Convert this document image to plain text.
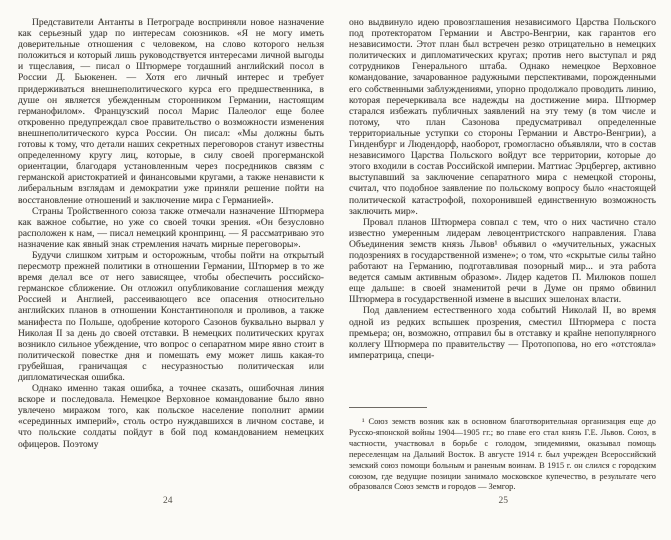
Представители Антанты в Петрограде восприняли новое назначение как серьезный удар по интересам союзников. «Я не могу иметь доверительные отношения с человеком, на слово которого нельзя положиться и который лишь руководствуется интересами личной выгоды и тщеславия, — писал о Штюрмере тогдашний английский посол в России Д. Бьюкенен. — Хотя его личный интерес и требует придерживаться внешнеполитического курса его предшественника, в душе он является убежденным сторонником Германии, настоящим германофилом». Французский посол Марис Палеолог еще более откровенно предупреждал свое правительство о возможности изменения внешнеполитического курса России. Он писал: «Мы должны быть готовы к тому, что детали наших секретных переговоров станут известны определенному кругу лиц, которые, в силу своей прогерманской ориентации, благодаря установленным через посредников связям с германской аристократией и финансовыми кругами, а также ненависти к либеральным взглядам и демократии уже приняли решение пойти на восстановление отношений и заключение мира с Германией».

Страны Тройственного союза также отмечали назначение Штюрмера как важное событие, но уже со своей точки зрения. «Он безусловно расположен к нам, — писал немецкий кронпринц. — Я рассматриваю это назначение как явный знак стремления начать мирные переговоры».

Будучи слишком хитрым и осторожным, чтобы пойти на открытый пересмотр прежней политики в отношении Германии, Штюрмер в то же время делал все от него зависящее, чтобы обеспечить российско-германское сближение. Он отложил опубликование соглашения между Россией и Англией, рассеивающего все опасения относительно английских планов в отношении Константинополя и проливов, а также манифеста по Польше, одобрение которого Сазонов буквально вырвал у Николая II за день до своей отставки. В немецких политических кругах возникло сильное убеждение, что вопрос о сепаратном мире явно стоит в политической повестке дня и помешать ему может лишь какая-то грубейшая, граничащая с несуразностью политическая или дипломатическая ошибка.

Однако именно такая ошибка, а точнее сказать, ошибочная линия вскоре и последовала. Немецкое Верховное командование было явно увлечено миражом того, как польское население пополнит армии «серединных империй», столь остро нуждавшихся в личном составе, и что польские солдаты пойдут в бой под командованием немецких офицеров. Поэтому

24

оно выдвинуло идею провозглашения независимого Царства Польского под протекторатом Германии и Австро-Венгрии, как гарантов его независимости. Этот план был встречен резко отрицательно в немецких политических и дипломатических кругах; против него выступал и ряд сотрудников Генерального штаба. Однако немецкое Верховное командование, зачарованное радужными перспективами, порожденными его собственными заблуждениями, упорно продолжало проводить линию, которая перечеркивала все надежды на достижение мира. Штюрмер старался избежать публичных заявлений на эту тему (в том числе и потому, что план Сазонова предусматривал определенные территориальные уступки со стороны Германии и Австро-Венгрии), а Гинденбург и Людендорф, наоборот, громогласно объявляли, что в состав независимого Царства Польского войдут все территории, которые до этого входили в состав Российской империи. Маттиас Эрцбергер, активно выступавший за заключение сепаратного мира с немецкой стороны, считал, что подобное заявление по польскому вопросу было «настоящей политической катастрофой, похоронившей единственную возможность заключить мир».

Провал планов Штюрмера совпал с тем, что о них частично стало известно умеренным лидерам левоцентристского направления. Глава Объединения земств князь Львов¹ объявил о «мучительных, ужасных подозрениях в государственной измене»; о том, что «скрытые силы тайно работают на Германию, подготавливая позорный мир... и эта работа ведется самым активным образом». Лидер кадетов П. Милюков пошел еще дальше: в своей знаменитой речи в Думе он прямо обвинил Штюрмера в государственной измене в высших эшелонах власти.

Под давлением естественного хода событий Николай II, во время одной из редких вспышек прозрения, сместил Штюрмера с поста премьера; он, возможно, отправил бы в отставку и крайне непопулярного коллегу Штюрмера по правительству — Протопопова, но его «отстояла» императрица, специ-

¹ Союз земств возник как в основном благотворительная организация еще до Русско-японской войны 1904—1905 гг.; во главе его стал князь Г.Е. Львов. Союз, в частности, участвовал в борьбе с голодом, эпидемиями, оказывал помощь переселенцам на Дальний Восток. В августе 1914 г. был учрежден Всероссийский земский союз помощи больным и раненым воинам. В 1915 г. он слился с городским союзом, где ведущие позиции занимало московское купечество, в результате чего образовался Союз земств и городов — Земгор.

25
